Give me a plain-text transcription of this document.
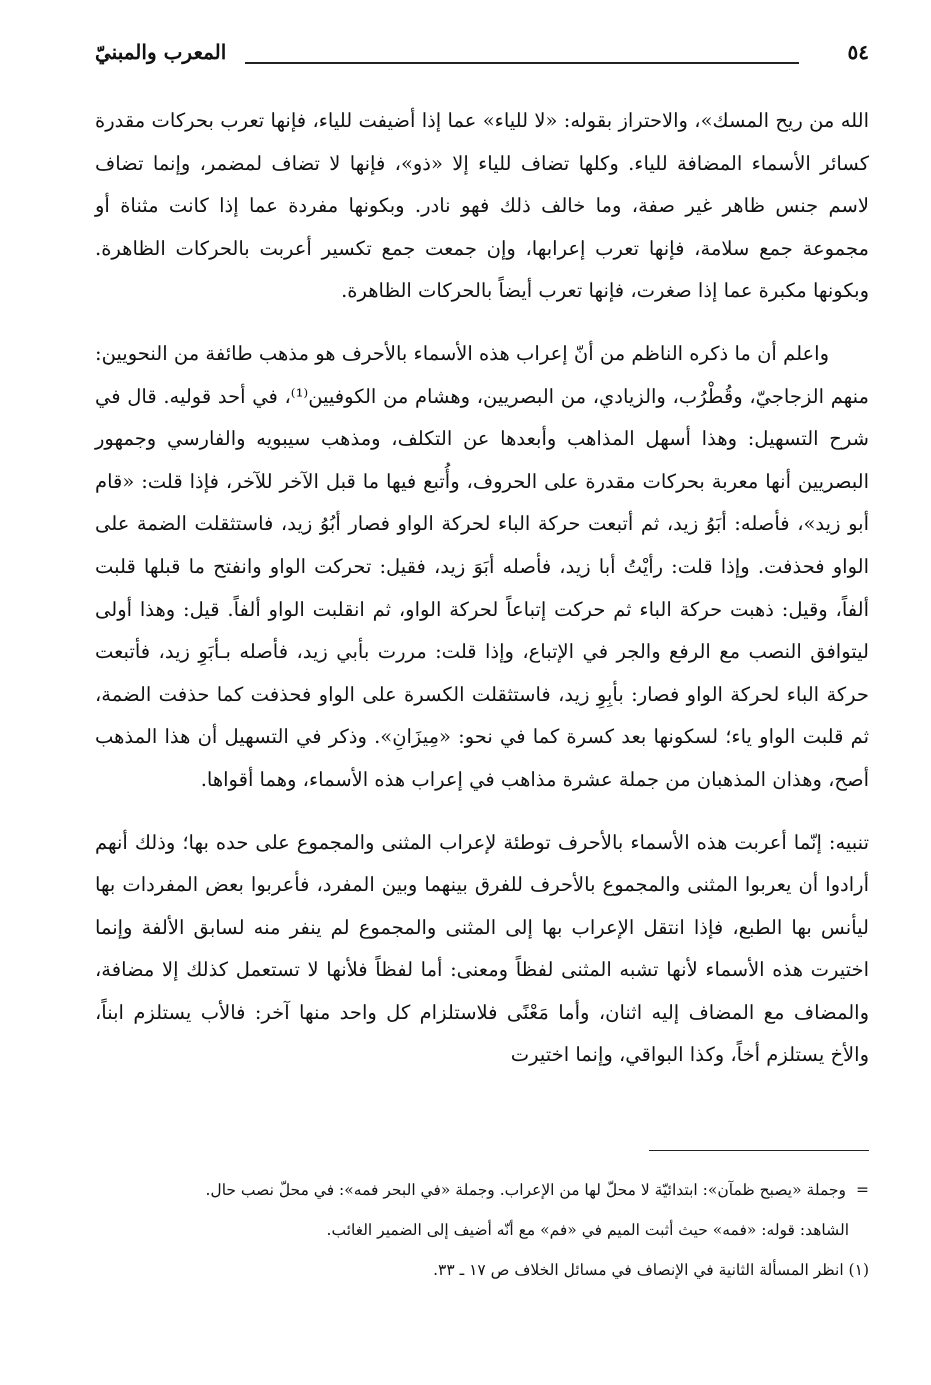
٥٤
المعرب والمبنيّ

الله من ريح المسك»، والاحتراز بقوله: «لا للياء» عما إذا أضيفت للياء، فإنها تعرب بحركات مقدرة كسائر الأسماء المضافة للياء. وكلها تضاف للياء إلا «ذو»، فإنها لا تضاف لمضمر، وإنما تضاف لاسم جنس ظاهر غير صفة، وما خالف ذلك فهو نادر. وبكونها مفردة عما إذا كانت مثناة أو مجموعة جمع سلامة، فإنها تعرب إعرابها، وإن جمعت جمع تكسير أعربت بالحركات الظاهرة. وبكونها مكبرة عما إذا صغرت، فإنها تعرب أيضاً بالحركات الظاهرة.

واعلم أن ما ذكره الناظم من أنّ إعراب هذه الأسماء بالأحرف هو مذهب طائفة من النحويين: منهم الزجاجيّ، وقُطْرُب، والزيادي، من البصريين، وهشام من الكوفيين⁽¹⁾، في أحد قوليه. قال في شرح التسهيل: وهذا أسهل المذاهب وأبعدها عن التكلف، ومذهب سيبويه والفارسي وجمهور البصريين أنها معربة بحركات مقدرة على الحروف، وأُتبع فيها ما قبل الآخر للآخر، فإذا قلت: «قام أبو زيد»، فأصله: أبَوُ زيد، ثم أتبعت حركة الباء لحركة الواو فصار أبُوُ زيد، فاستثقلت الضمة على الواو فحذفت. وإذا قلت: رأيْتُ أبا زيد، فأصله أبَوَ زيد، فقيل: تحركت الواو وانفتح ما قبلها قلبت ألفاً، وقيل: ذهبت حركة الباء ثم حركت إتباعاً لحركة الواو، ثم انقلبت الواو ألفاً. قيل: وهذا أولى ليتوافق النصب مع الرفع والجر في الإتباع، وإذا قلت: مررت بأبي زيد، فأصله بـأبَوِ زيد، فأتبعت حركة الباء لحركة الواو فصار: بأبِوِ زيد، فاستثقلت الكسرة على الواو فحذفت كما حذفت الضمة، ثم قلبت الواو ياء؛ لسكونها بعد كسرة كما في نحو: «مِيزَانِ». وذكر في التسهيل أن هذا المذهب أصح، وهذان المذهبان من جملة عشرة مذاهب في إعراب هذه الأسماء، وهما أقواها.

تنبيه: إنّما أعربت هذه الأسماء بالأحرف توطئة لإعراب المثنى والمجموع على حده بها؛ وذلك أنهم أرادوا أن يعربوا المثنى والمجموع بالأحرف للفرق بينهما وبين المفرد، فأعربوا بعض المفردات بها ليأنس بها الطبع، فإذا انتقل الإعراب بها إلى المثنى والمجموع لم ينفر منه لسابق الألفة وإنما اختيرت هذه الأسماء لأنها تشبه المثنى لفظاً ومعنى: أما لفظاً فلأنها لا تستعمل كذلك إلا مضافة، والمضاف مع المضاف إليه اثنان، وأما مَعْنًى فلاستلزام كل واحد منها آخر: فالأب يستلزم ابناً، والأخ يستلزم أخاً، وكذا البواقي، وإنما اختيرت

=

وجملة «يصبح ظمآن»: ابتدائيّة لا محلّ لها من الإعراب. وجملة «في البحر فمه»: في محلّ نصب حال.

الشاهد: قوله: «فمه» حيث أثبت الميم في «فم» مع أنّه أضيف إلى الضمير الغائب.

(١) انظر المسألة الثانية في الإنصاف في مسائل الخلاف ص ١٧ ـ ٣٣.
